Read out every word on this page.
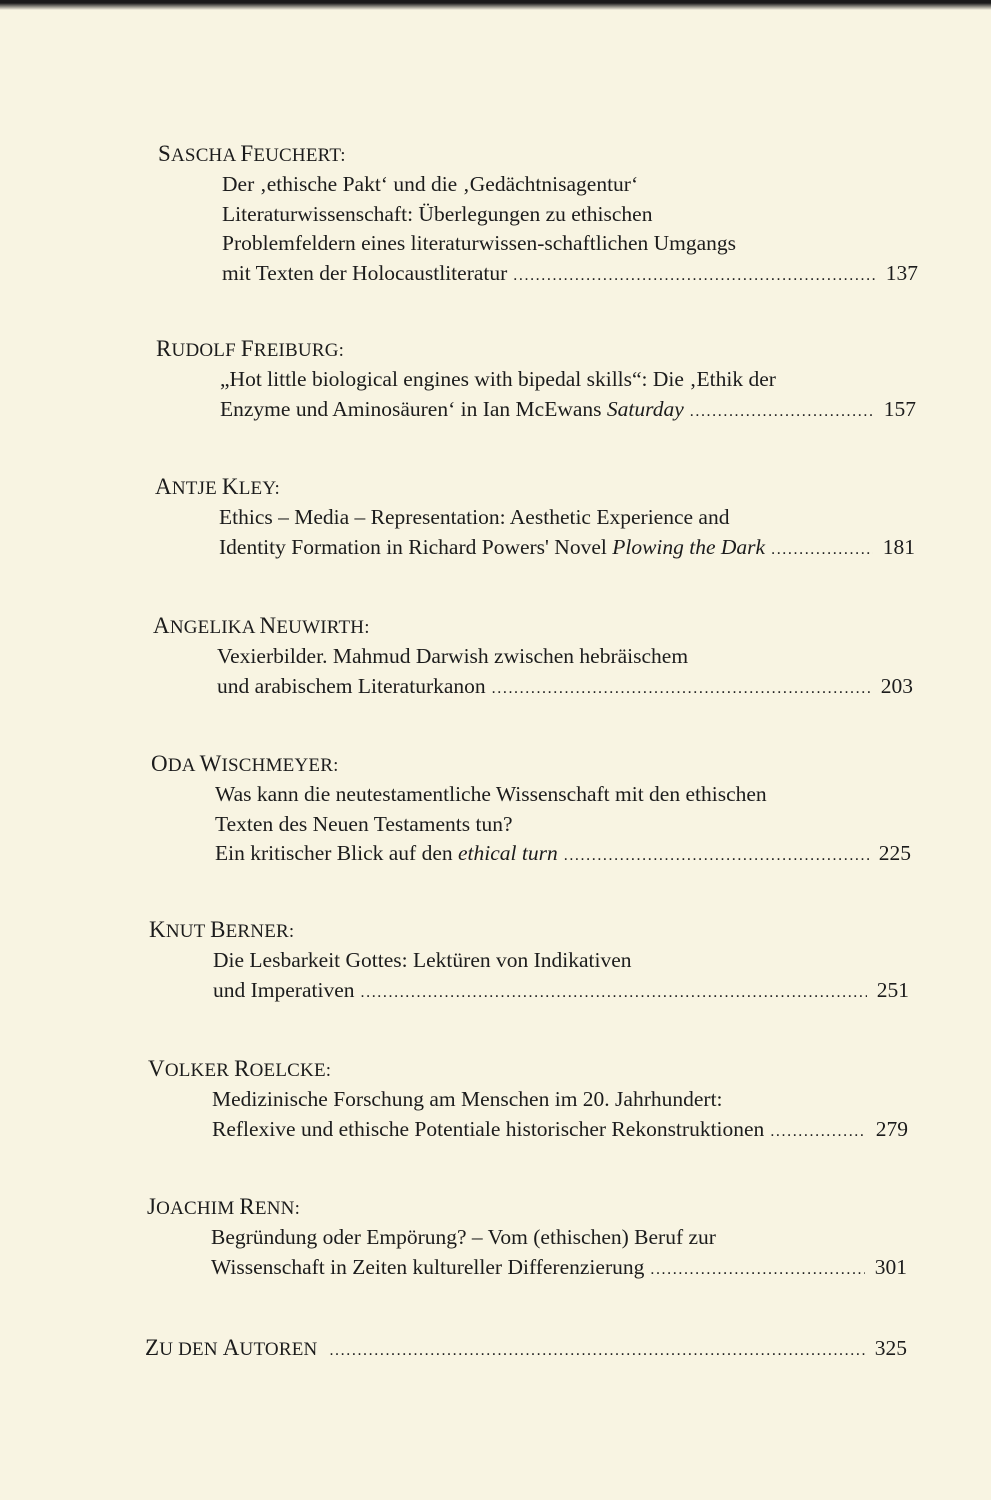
SASCHA FEUCHERT:
Der ‚ethische Pakt‘ und die ‚Gedächtnisagentur‘
Literaturwissenschaft: Überlegungen zu ethischen
Problemfeldern eines literaturwissen-schaftlichen Umgangs
mit Texten der Holocaustliteratur .....	137
RUDOLF FREIBURG:
„Hot little biological engines with bipedal skills“: Die ‚Ethik der
Enzyme und Aminosäuren‘ in Ian McEwans Saturday .....	157
ANTJE KLEY:
Ethics – Media – Representation: Aesthetic Experience and
Identity Formation in Richard Powers' Novel Plowing the Dark .....	181
ANGELIKA NEUWIRTH:
Vexierbilder. Mahmud Darwish zwischen hebräischem
und arabischem Literaturkanon .....	203
ODA WISCHMEYER:
Was kann die neutestamentliche Wissenschaft mit den ethischen
Texten des Neuen Testaments tun?
Ein kritischer Blick auf den ethical turn .....	225
KNUT BERNER:
Die Lesbarkeit Gottes: Lektüren von Indikativen
und Imperativen .....	251
VOLKER ROELCKE:
Medizinische Forschung am Menschen im 20. Jahrhundert:
Reflexive und ethische Potentiale historischer Rekonstruktionen .....	279
JOACHIM RENN:
Begründung oder Empörung? – Vom (ethischen) Beruf zur
Wissenschaft in Zeiten kultureller Differenzierung .....	301
ZU DEN AUTOREN .....	325
